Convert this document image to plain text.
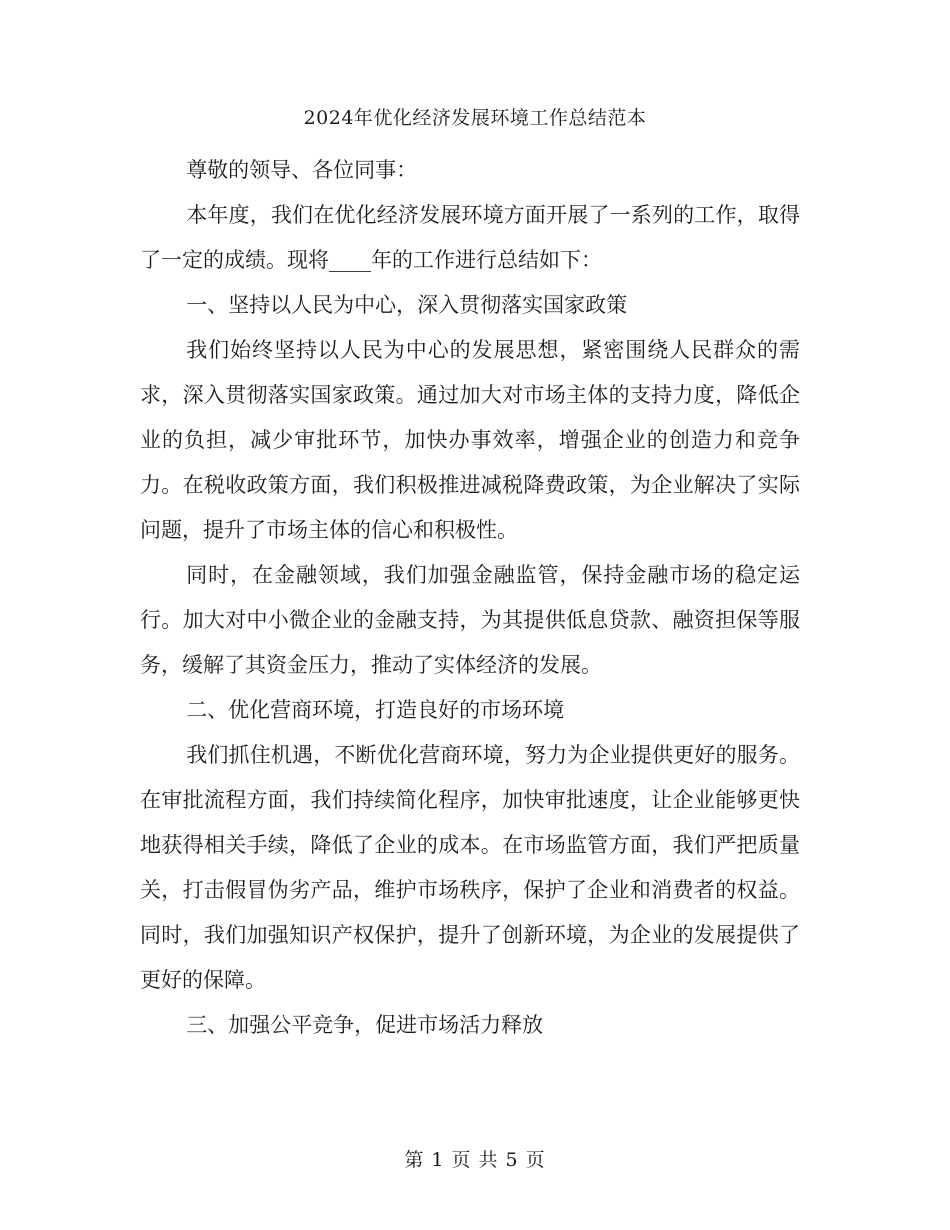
2024年优化经济发展环境工作总结范本

尊敬的领导、各位同事：

本年度，我们在优化经济发展环境方面开展了一系列的工作，取得了一定的成绩。现将____年的工作进行总结如下：

一、坚持以人民为中心，深入贯彻落实国家政策

我们始终坚持以人民为中心的发展思想，紧密围绕人民群众的需求，深入贯彻落实国家政策。通过加大对市场主体的支持力度，降低企业的负担，减少审批环节，加快办事效率，增强企业的创造力和竞争力。在税收政策方面，我们积极推进减税降费政策，为企业解决了实际问题，提升了市场主体的信心和积极性。

同时，在金融领域，我们加强金融监管，保持金融市场的稳定运行。加大对中小微企业的金融支持，为其提供低息贷款、融资担保等服务，缓解了其资金压力，推动了实体经济的发展。

二、优化营商环境，打造良好的市场环境

我们抓住机遇，不断优化营商环境，努力为企业提供更好的服务。在审批流程方面，我们持续简化程序，加快审批速度，让企业能够更快地获得相关手续，降低了企业的成本。在市场监管方面，我们严把质量关，打击假冒伪劣产品，维护市场秩序，保护了企业和消费者的权益。同时，我们加强知识产权保护，提升了创新环境，为企业的发展提供了更好的保障。

三、加强公平竞争，促进市场活力释放

第 1 页 共 5 页
